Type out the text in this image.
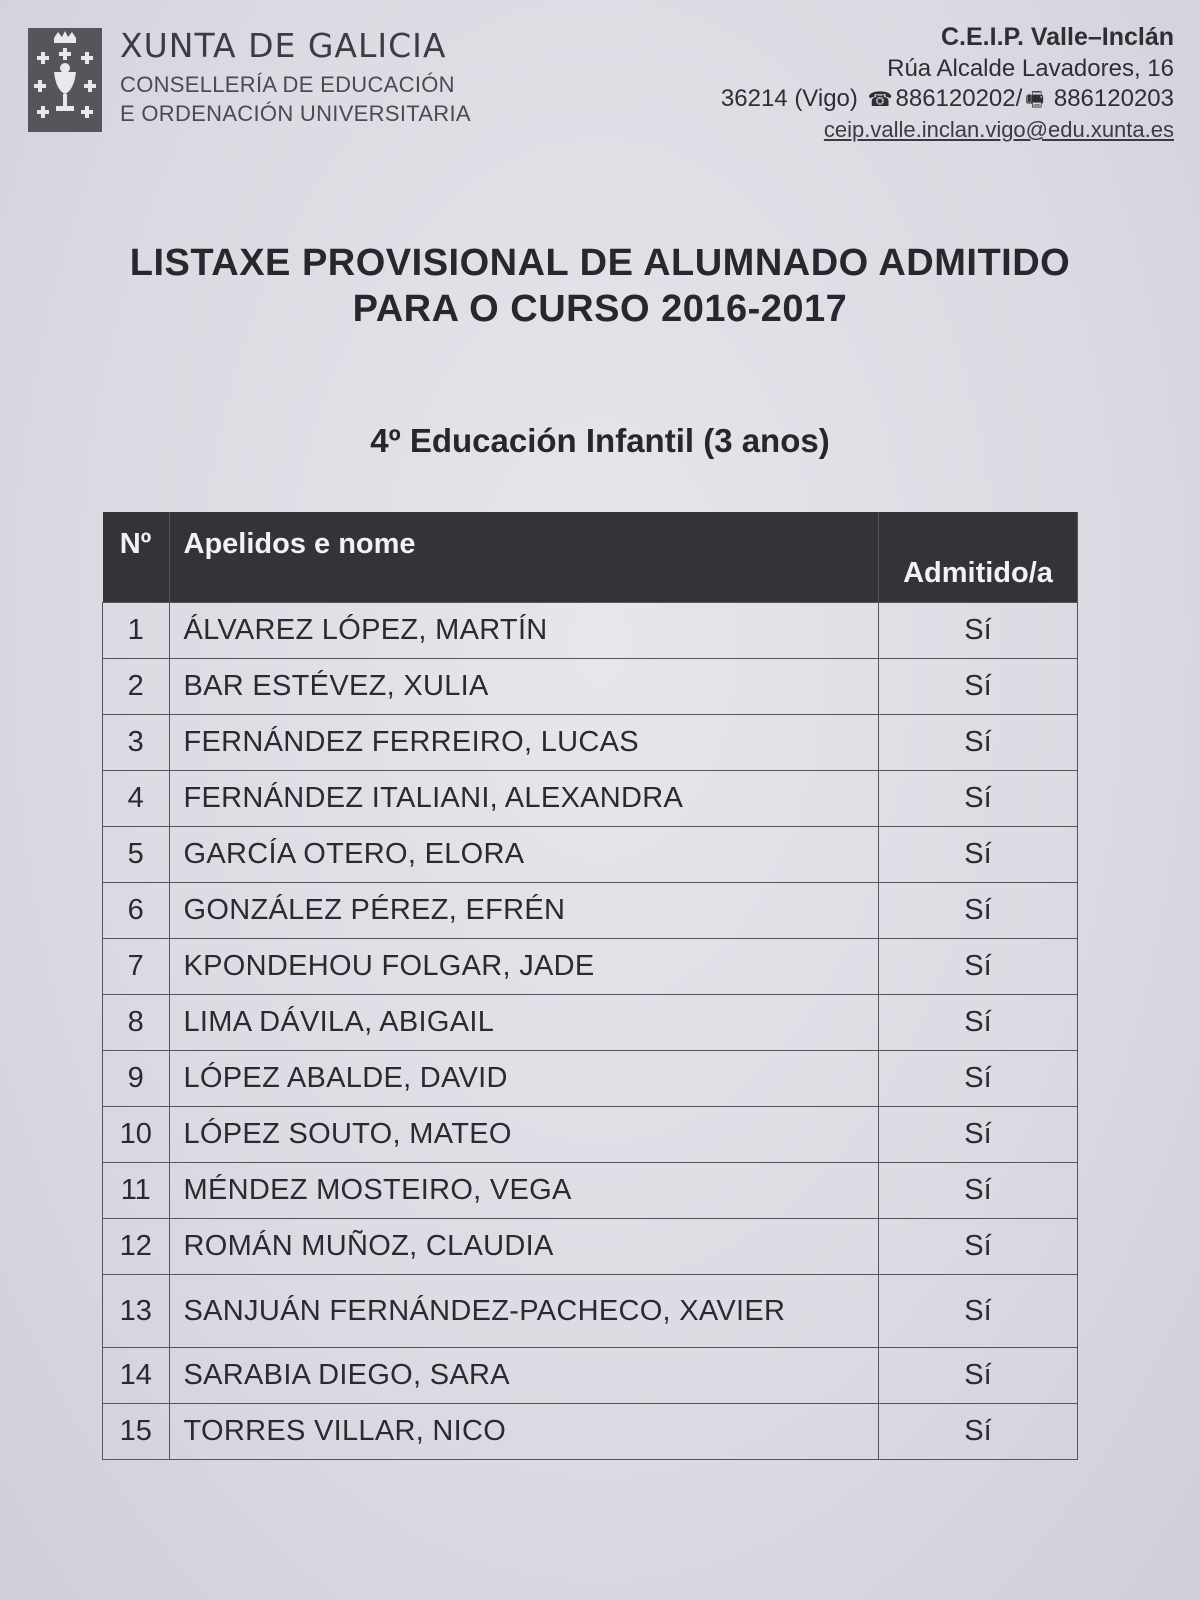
XUNTA DE GALICIA
CONSELLERÍA DE EDUCACIÓN
E ORDENACIÓN UNIVERSITARIA
C.E.I.P. Valle–Inclán
Rúa Alcalde Lavadores, 16
36214 (Vigo) ☎ 886120202/ 🖷 886120203
ceip.valle.inclan.vigo@edu.xunta.es
LISTAXE PROVISIONAL DE ALUMNADO ADMITIDO
PARA O CURSO 2016-2017
4º Educación Infantil (3 anos)
Nº	Apelidos e nome	Admitido/a
1	ÁLVAREZ LÓPEZ, MARTÍN	Sí
2	BAR ESTÉVEZ, XULIA	Sí
3	FERNÁNDEZ FERREIRO, LUCAS	Sí
4	FERNÁNDEZ ITALIANI, ALEXANDRA	Sí
5	GARCÍA OTERO, ELORA	Sí
6	GONZÁLEZ PÉREZ, EFRÉN	Sí
7	KPONDEHOU FOLGAR, JADE	Sí
8	LIMA DÁVILA, ABIGAIL	Sí
9	LÓPEZ ABALDE, DAVID	Sí
10	LÓPEZ SOUTO, MATEO	Sí
11	MÉNDEZ MOSTEIRO, VEGA	Sí
12	ROMÁN MUÑOZ, CLAUDIA	Sí
13	SANJUÁN FERNÁNDEZ-PACHECO, XAVIER	Sí
14	SARABIA DIEGO, SARA	Sí
15	TORRES VILLAR, NICO	Sí
